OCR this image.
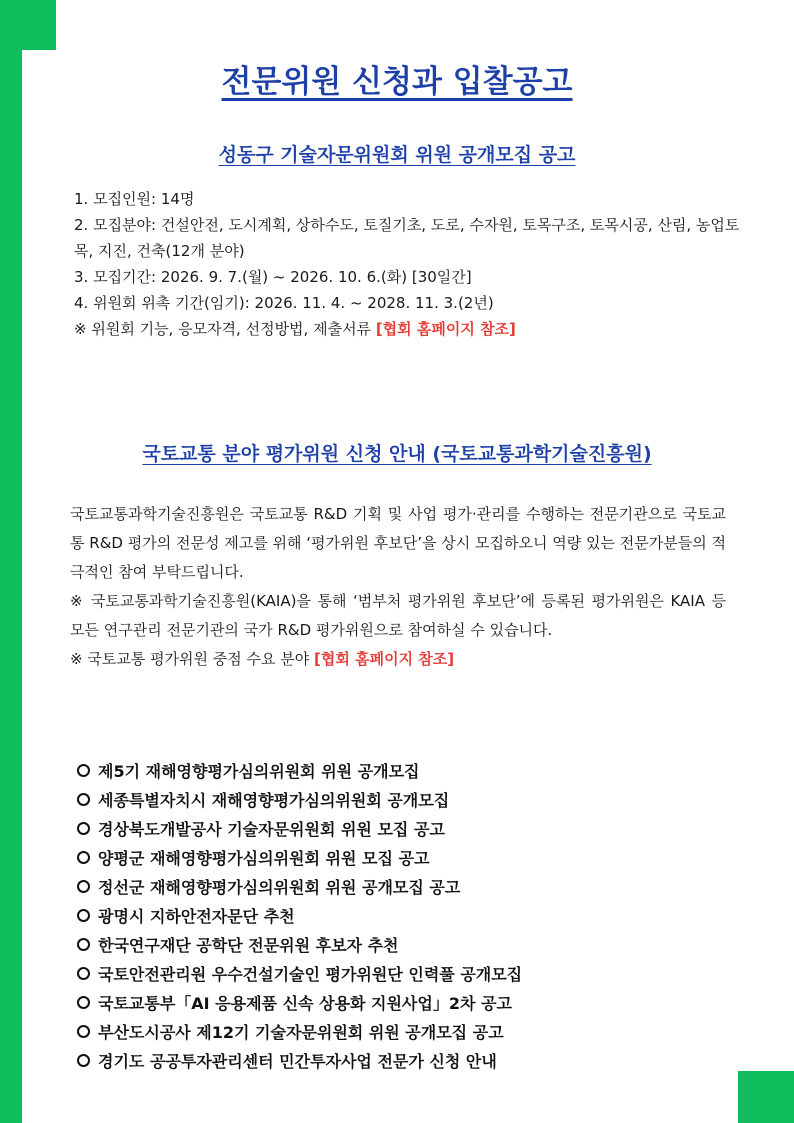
전문위원 신청과 입찰공고
성동구 기술자문위원회 위원 공개모집 공고
1. 모집인원: 14명
2. 모집분야: 건설안전, 도시계획, 상하수도, 토질기초, 도로, 수자원, 토목구조, 토목시공, 산림, 농업토목, 지진, 건축(12개 분야)
3. 모집기간: 2026. 9. 7.(월) ~ 2026. 10. 6.(화) [30일간]
4. 위원회 위촉 기간(임기): 2026. 11. 4. ~ 2028. 11. 3.(2년)
※ 위원회 기능, 응모자격, 선정방법, 제출서류 [협회 홈페이지 참조]
국토교통 분야 평가위원 신청 안내 (국토교통과학기술진흥원)

국토교통과학기술진흥원은 국토교통 R&D 기획 및 사업 평가·관리를 수행하는 전문기관으로 국토교통 R&D 평가의 전문성 제고를 위해 ‘평가위원 후보단’을 상시 모집하오니 역량 있는 전문가분들의 적극적인 참여 부탁드립니다.

※ 국토교통과학기술진흥원(KAIA)을 통해 ‘범부처 평가위원 후보단’에 등록된 평가위원은 KAIA 등 모든 연구관리 전문기관의 국가 R&D 평가위원으로 참여하실 수 있습니다.

※ 국토교통 평가위원 중점 수요 분야 [협회 홈페이지 참조]

제5기 재해영향평가심의위원회 위원 공개모집
세종특별자치시 재해영향평가심의위원회 공개모집
경상북도개발공사 기술자문위원회 위원 모집 공고
양평군 재해영향평가심의위원회 위원 모집 공고
정선군 재해영향평가심의위원회 위원 공개모집 공고
광명시 지하안전자문단 추천
한국연구재단 공학단 전문위원 후보자 추천
국토안전관리원 우수건설기술인 평가위원단 인력풀 공개모집
국토교통부「AI 응용제품 신속 상용화 지원사업」2차 공고
부산도시공사 제12기 기술자문위원회 위원 공개모집 공고
경기도 공공투자관리센터 민간투자사업 전문가 신청 안내
